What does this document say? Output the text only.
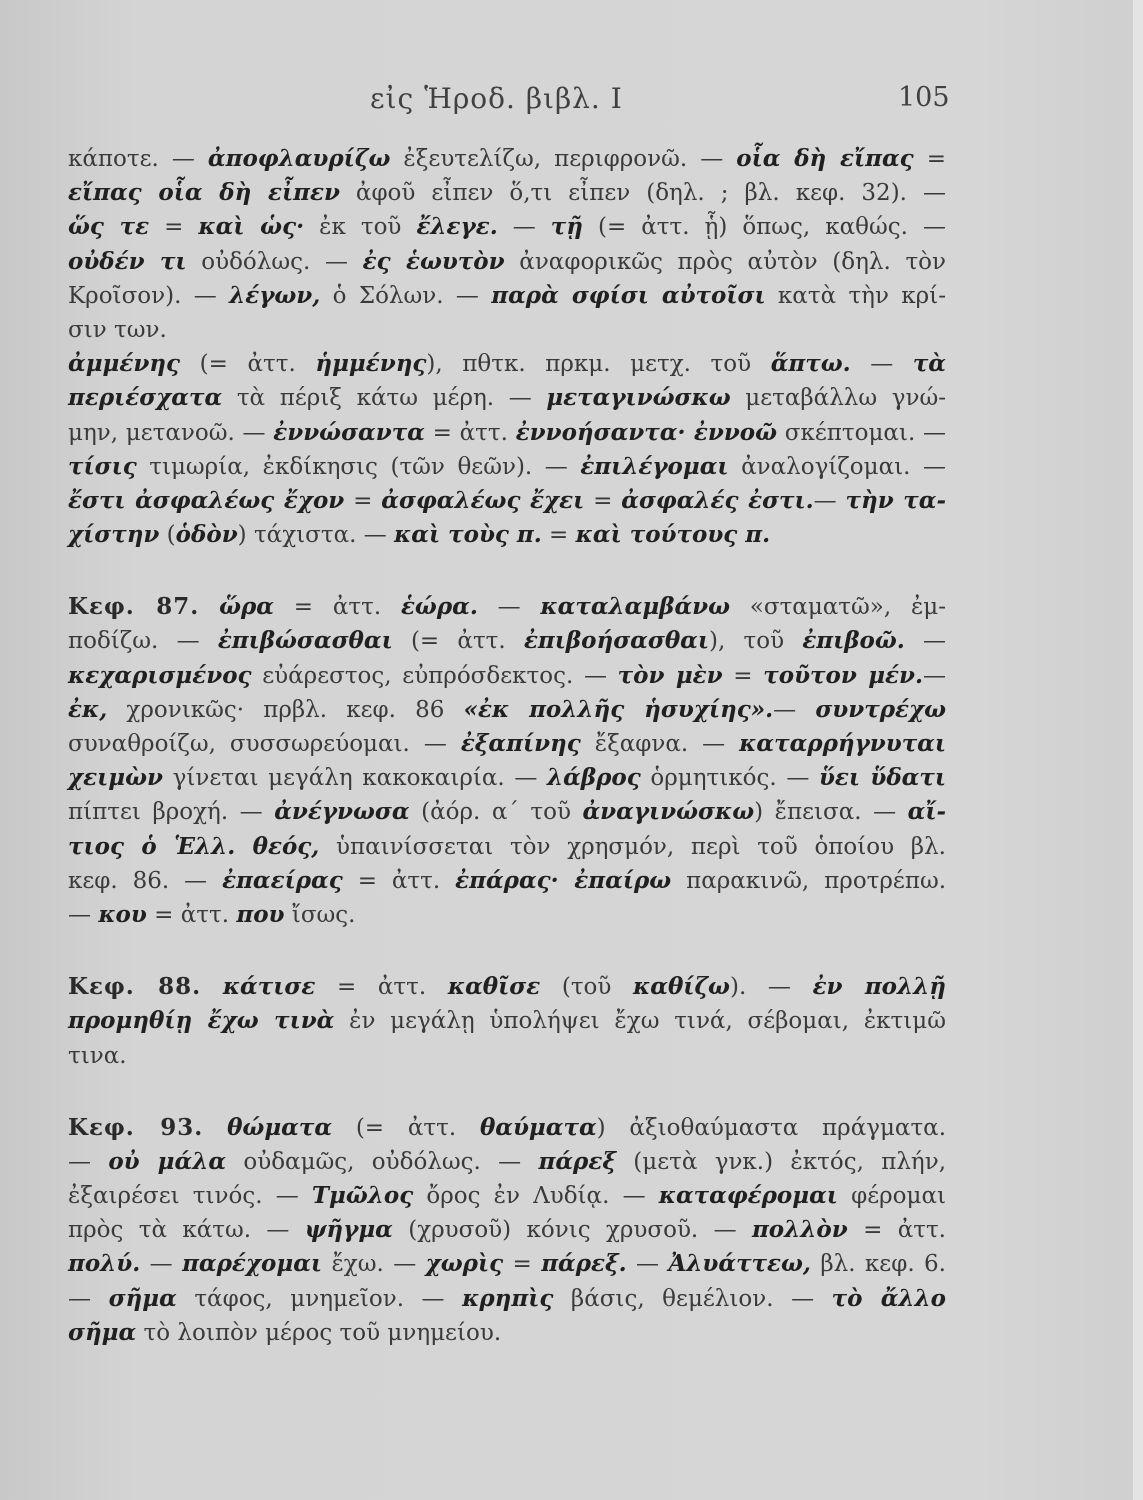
εἰς Ἡροδ. βιβλ. Ι	105
κάποτε. — ἀποφλαυρίζω ἐξευτελίζω, περιφρονῶ. — οἷα δὴ εἴπας =
εἴπας οἷα δὴ εἶπεν ἀφοῦ εἶπεν ὅ,τι εἶπεν (δηλ. ; βλ. κεφ. 32). —
ὥς τε = καὶ ὡς· ἐκ τοῦ ἔλεγε. — τῇ (= ἀττ. ᾗ) ὅπως, καθώς. —
οὐδέν τι οὐδόλως. — ἐς ἑωυτὸν ἀναφορικῶς πρὸς αὐτὸν (δηλ. τὸν
Κροῖσον). — λέγων, ὁ Σόλων. — παρὰ σφίσι αὐτοῖσι κατὰ τὴν κρί-
σιν των.
ἀμμένης (= ἀττ. ἡμμένης), πθτκ. πρκμ. μετχ. τοῦ ἅπτω. — τὰ
περιέσχατα τὰ πέριξ κάτω μέρη. — μεταγινώσκω μεταβάλλω γνώ-
μην, μετανοῶ. — ἐννώσαντα = ἀττ. ἐννοήσαντα· ἐννοῶ σκέπτομαι. —
τίσις τιμωρία, ἐκδίκησις (τῶν θεῶν). — ἐπιλέγομαι ἀναλογίζομαι. —
ἔστι ἀσφαλέως ἔχον = ἀσφαλέως ἔχει = ἀσφαλές ἐστι.— τὴν τα-
χίστην (ὁδὸν) τάχιστα. — καὶ τοὺς π. = καὶ τούτους π.
Κεφ. 87. ὥρα = ἀττ. ἑώρα. — καταλαμβάνω «σταματῶ», ἐμ-
ποδίζω. — ἐπιβώσασθαι (= ἀττ. ἐπιβοήσασθαι), τοῦ ἐπιβοῶ. —
κεχαρισμένος εὐάρεστος, εὐπρόσδεκτος. — τὸν μὲν = τοῦτον μέν.—
ἐκ, χρονικῶς· πρβλ. κεφ. 86 «ἐκ πολλῆς ἡσυχίης».— συντρέχω
συναθροίζω, συσσωρεύομαι. — ἐξαπίνης ἔξαφνα. — καταρρήγνυται
χειμὼν γίνεται μεγάλη κακοκαιρία. — λάβρος ὁρμητικός. — ὕει ὕδατι
πίπτει βροχή. — ἀνέγνωσα (ἀόρ. α΄ τοῦ ἀναγινώσκω) ἔπεισα. — αἴ-
τιος ὁ Ἑλλ. θεός, ὑπαινίσσεται τὸν χρησμόν, περὶ τοῦ ὁποίου βλ.
κεφ. 86. — ἐπαείρας = ἀττ. ἐπάρας· ἐπαίρω παρακινῶ, προτρέπω.
— κου = ἀττ. που ἴσως.
Κεφ. 88. κάτισε = ἀττ. καθῖσε (τοῦ καθίζω). — ἐν πολλῇ
προμηθίῃ ἔχω τινὰ ἐν μεγάλῃ ὑπολήψει ἔχω τινά, σέβομαι, ἐκτιμῶ
τινα.
Κεφ. 93. θώματα (= ἀττ. θαύματα) ἀξιοθαύμαστα πράγματα.
— οὐ μάλα οὐδαμῶς, οὐδόλως. — πάρεξ (μετὰ γνκ.) ἐκτός, πλήν,
ἐξαιρέσει τινός. — Τμῶλος ὄρος ἐν Λυδίᾳ. — καταφέρομαι φέρομαι
πρὸς τὰ κάτω. — ψῆγμα (χρυσοῦ) κόνις χρυσοῦ. — πολλὸν = ἀττ.
πολύ. — παρέχομαι ἔχω. — χωρὶς = πάρεξ. — Ἀλυάττεω, βλ. κεφ. 6.
— σῆμα τάφος, μνημεῖον. — κρηπὶς βάσις, θεμέλιον. — τὸ ἄλλο
σῆμα τὸ λοιπὸν μέρος τοῦ μνημείου.
